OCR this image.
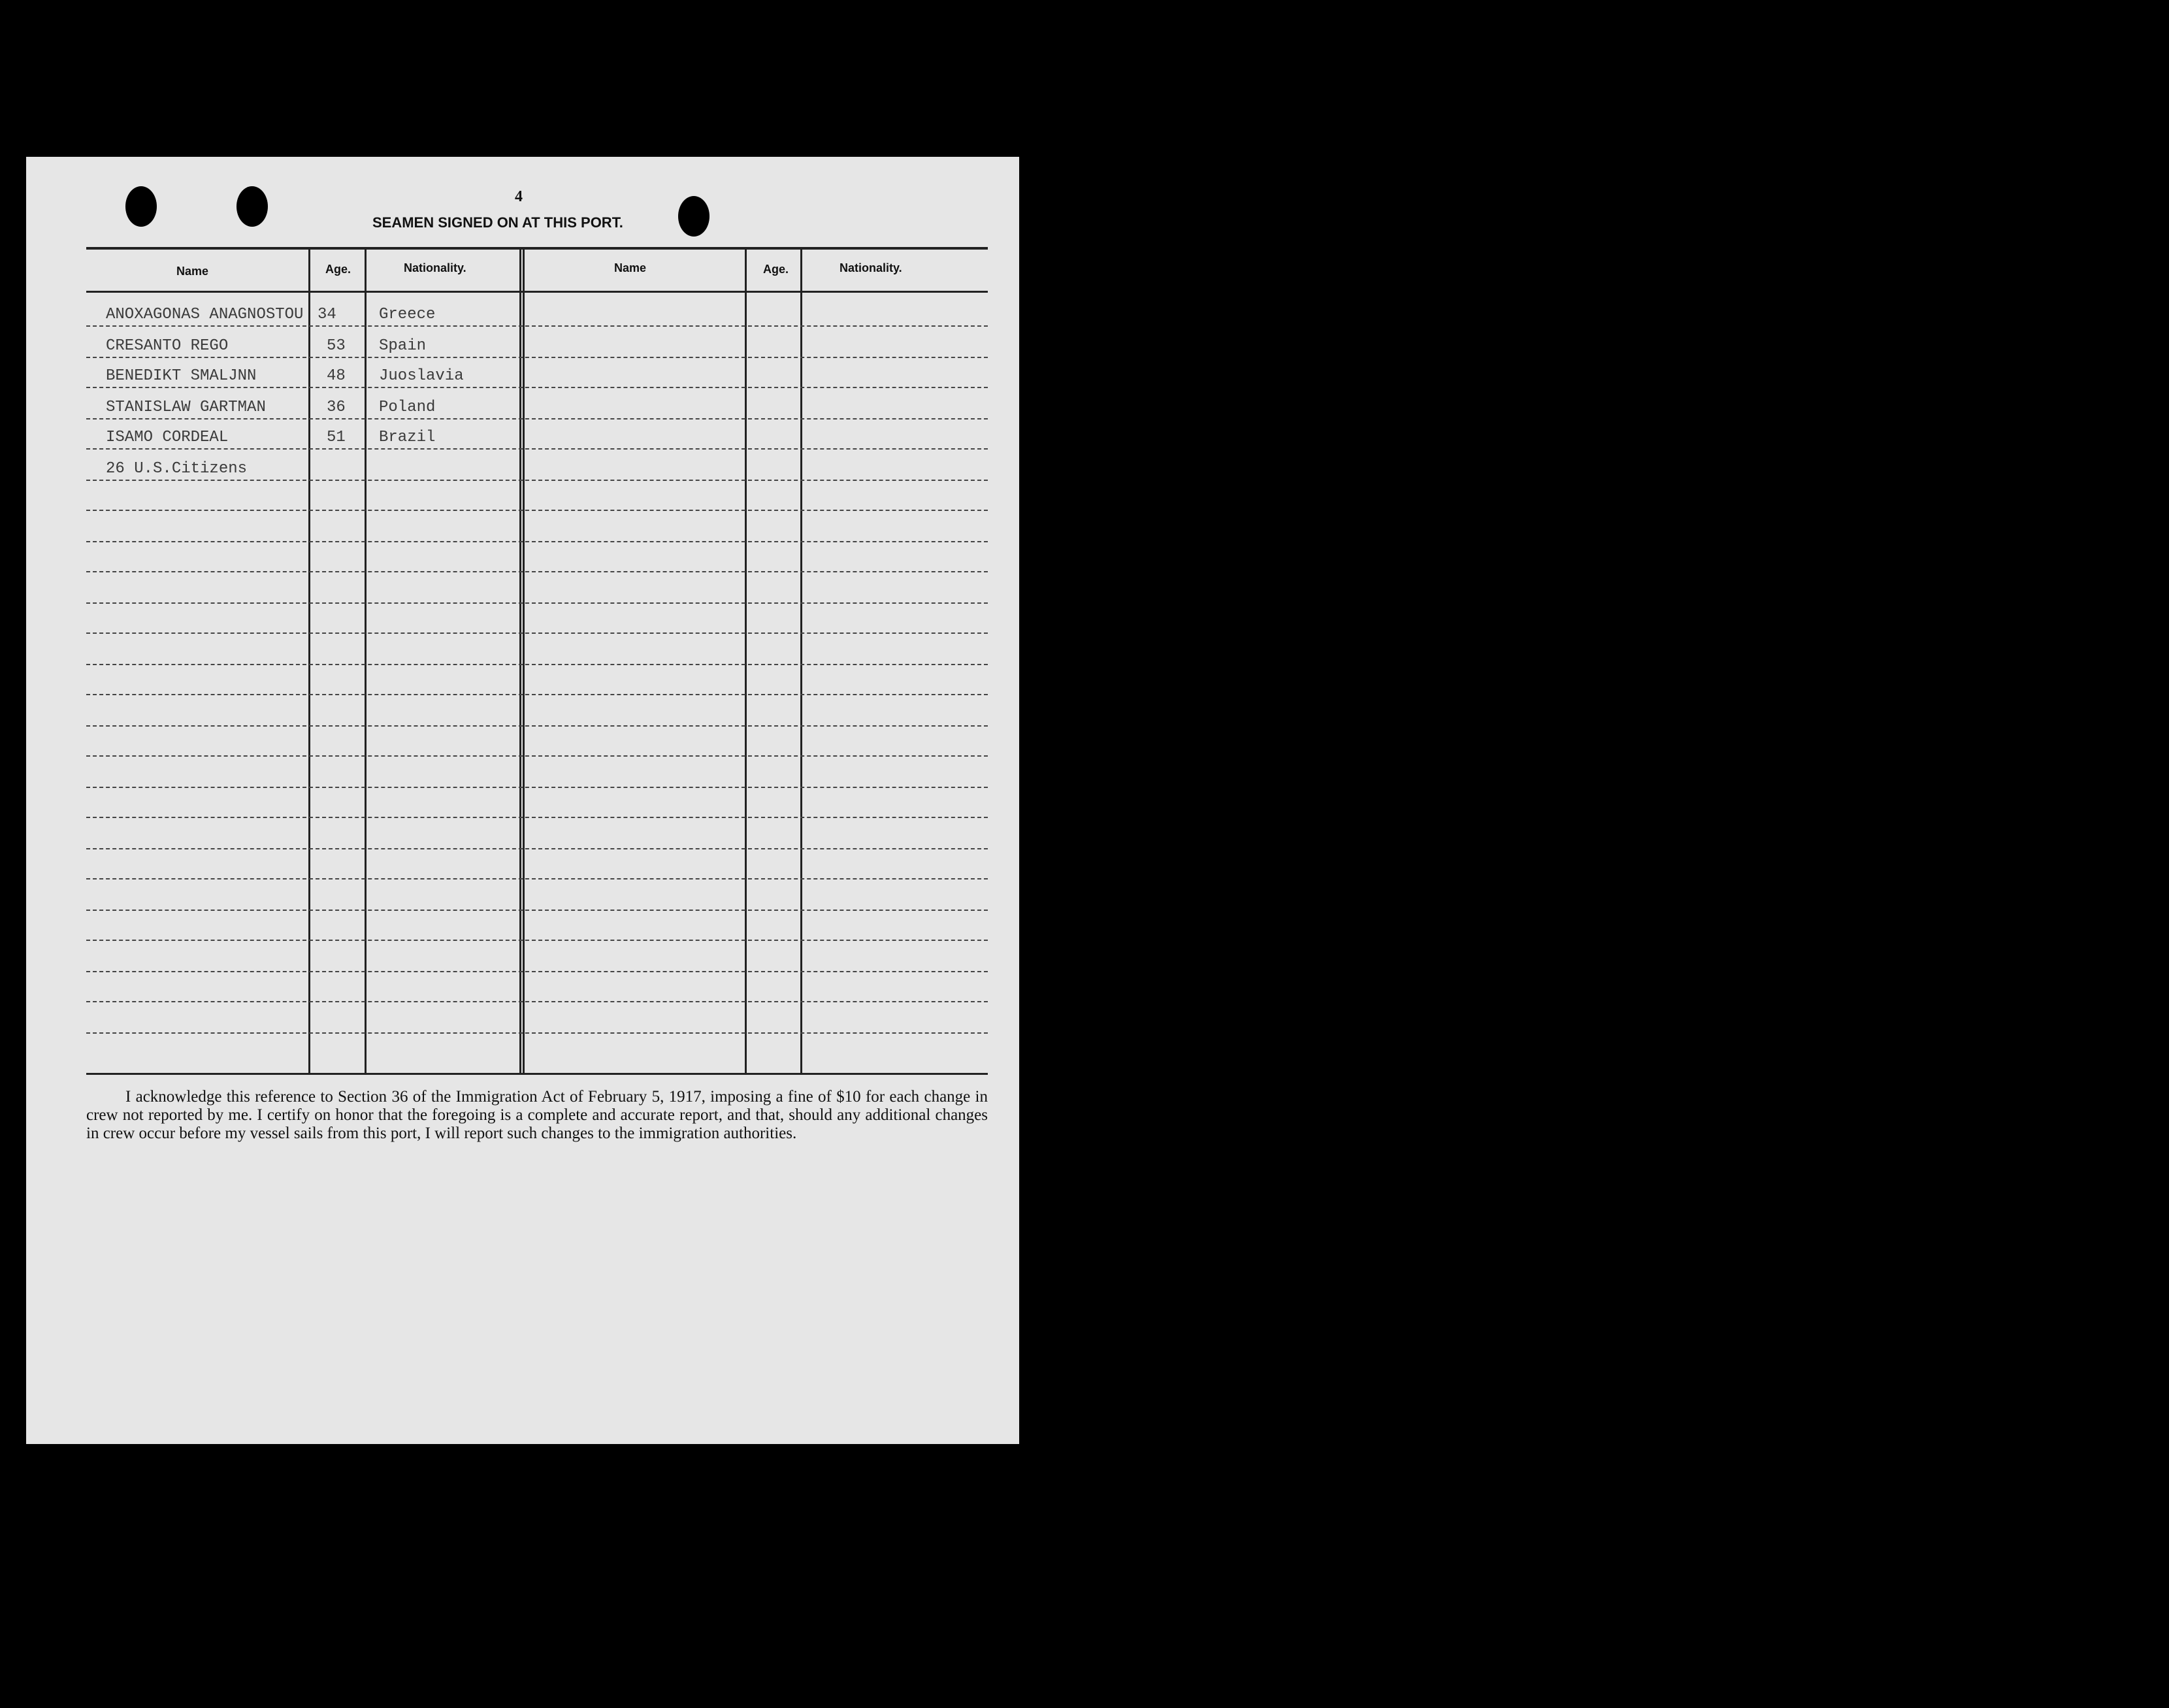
4
SEAMEN SIGNED ON AT THIS PORT.
Name	Age.	Nationality.	Name	Age.	Nationality.
ANOXAGONAS ANAGNOSTOU 34	Greece
CRESANTO REGO	53 Spain
BENEDIKT SMALJNN	48 Juoslavia
STANISLAW GARTMAN	36 Poland
ISAMO CORDEAL	51 Brazil
26 U.S.Citizens
I acknowledge this reference to Section 36 of the Immigration Act of February 5, 1917, imposing a fine of $10 for each change in crew not reported by me. I certify on honor that the foregoing is a complete and accurate report, and that, should any additional changes in crew occur before my vessel sails from this port, I will report such changes to the immigration authorities.
